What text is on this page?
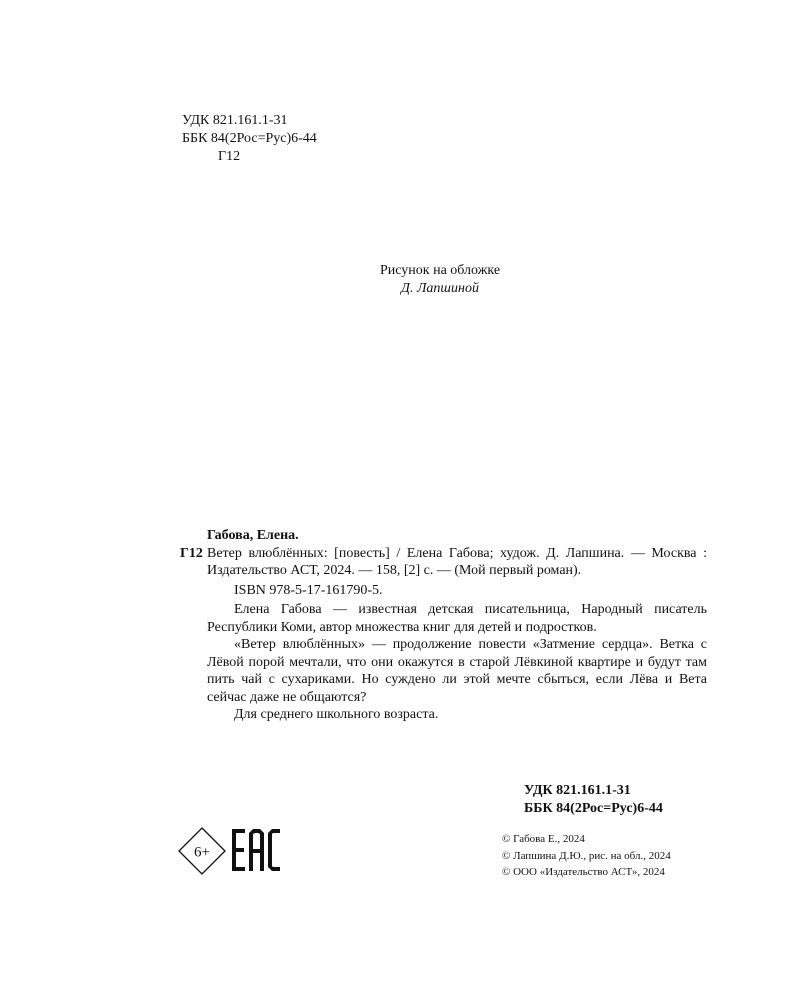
УДК 821.161.1-31
ББК 84(2Рос=Рус)6-44
Г12
Рисунок на обложке
Д. Лапшиной
Габова, Елена.
Г12 Ветер влюблённых: [повесть] / Елена Габова; худож. Д. Лапшина. — Москва : Издательство АСТ, 2024. — 158, [2] с. — (Мой первый роман).
ISBN 978-5-17-161790-5.

Елена Габова — известная детская писательница, Народный писатель Республики Коми, автор множества книг для детей и подростков.

«Ветер влюблённых» — продолжение повести «Затмение сердца». Ветка с Лёвой порой мечтали, что они окажутся в старой Лёвкиной квартире и будут там пить чай с сухариками. Но суждено ли этой мечте сбыться, если Лёва и Вета сейчас даже не общаются?

Для среднего школьного возраста.

УДК 821.161.1-31
ББК 84(2Рос=Рус)6-44
6+
© Габова Е., 2024
© Лапшина Д.Ю., рис. на обл., 2024
© ООО «Издательство АСТ», 2024
